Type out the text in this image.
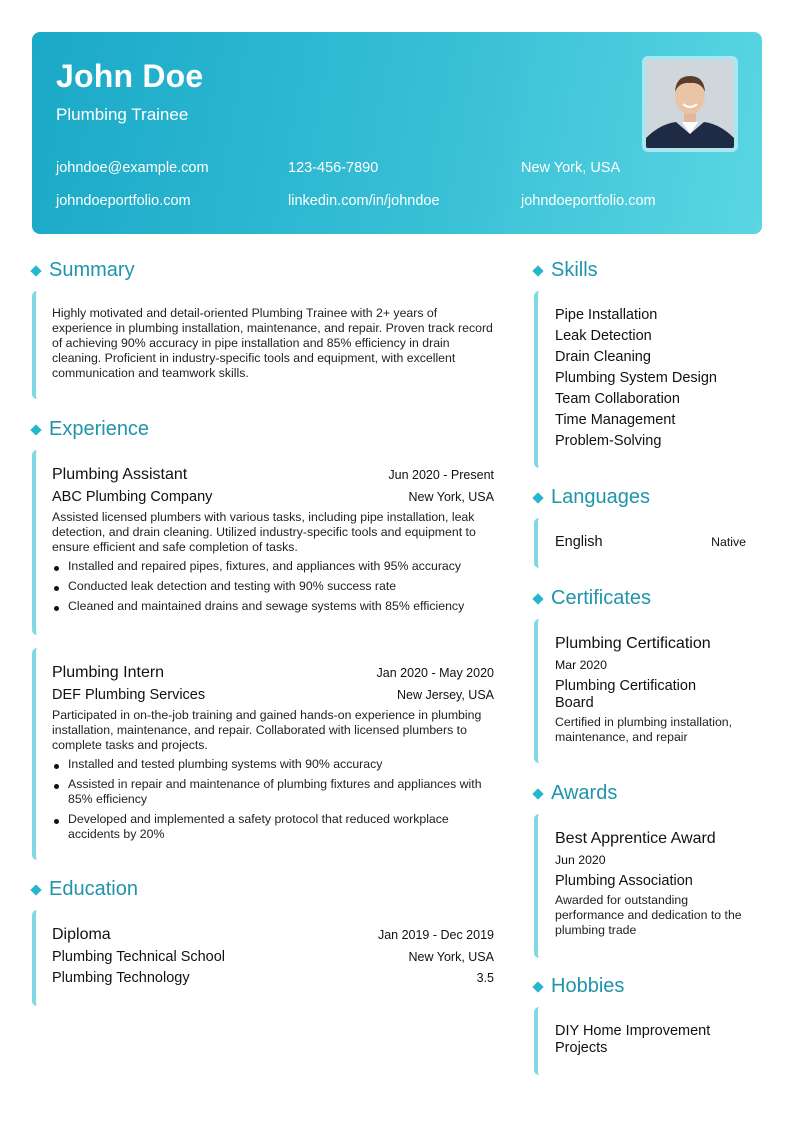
John Doe
Plumbing Trainee
johndoe@example.com	123-456-7890	New York, USA
johndoeportfolio.com	linkedin.com/in/johndoe	johndoeportfolio.com
Summary
Highly motivated and detail-oriented Plumbing Trainee with 2+ years of experience in plumbing installation, maintenance, and repair. Proven track record of achieving 90% accuracy in pipe installation and 85% efficiency in drain cleaning. Proficient in industry-specific tools and equipment, with excellent communication and teamwork skills.
Experience
Plumbing Assistant	Jun 2020 - Present
ABC Plumbing Company	New York, USA
Assisted licensed plumbers with various tasks, including pipe installation, leak detection, and drain cleaning. Utilized industry-specific tools and equipment to ensure efficient and safe completion of tasks.
Installed and repaired pipes, fixtures, and appliances with 95% accuracy
Conducted leak detection and testing with 90% success rate
Cleaned and maintained drains and sewage systems with 85% efficiency
Plumbing Intern	Jan 2020 - May 2020
DEF Plumbing Services	New Jersey, USA
Participated in on-the-job training and gained hands-on experience in plumbing installation, maintenance, and repair. Collaborated with licensed plumbers to complete tasks and projects.
Installed and tested plumbing systems with 90% accuracy
Assisted in repair and maintenance of plumbing fixtures and appliances with 85% efficiency
Developed and implemented a safety protocol that reduced workplace accidents by 20%
Education
Diploma	Jan 2019 - Dec 2019
Plumbing Technical School	New York, USA
Plumbing Technology	3.5
Skills
Pipe Installation
Leak Detection
Drain Cleaning
Plumbing System Design
Team Collaboration
Time Management
Problem-Solving
Languages
English	Native
Certificates
Plumbing Certification
Mar 2020
Plumbing Certification Board
Certified in plumbing installation, maintenance, and repair
Awards
Best Apprentice Award
Jun 2020
Plumbing Association
Awarded for outstanding performance and dedication to the plumbing trade
Hobbies
DIY Home Improvement Projects
